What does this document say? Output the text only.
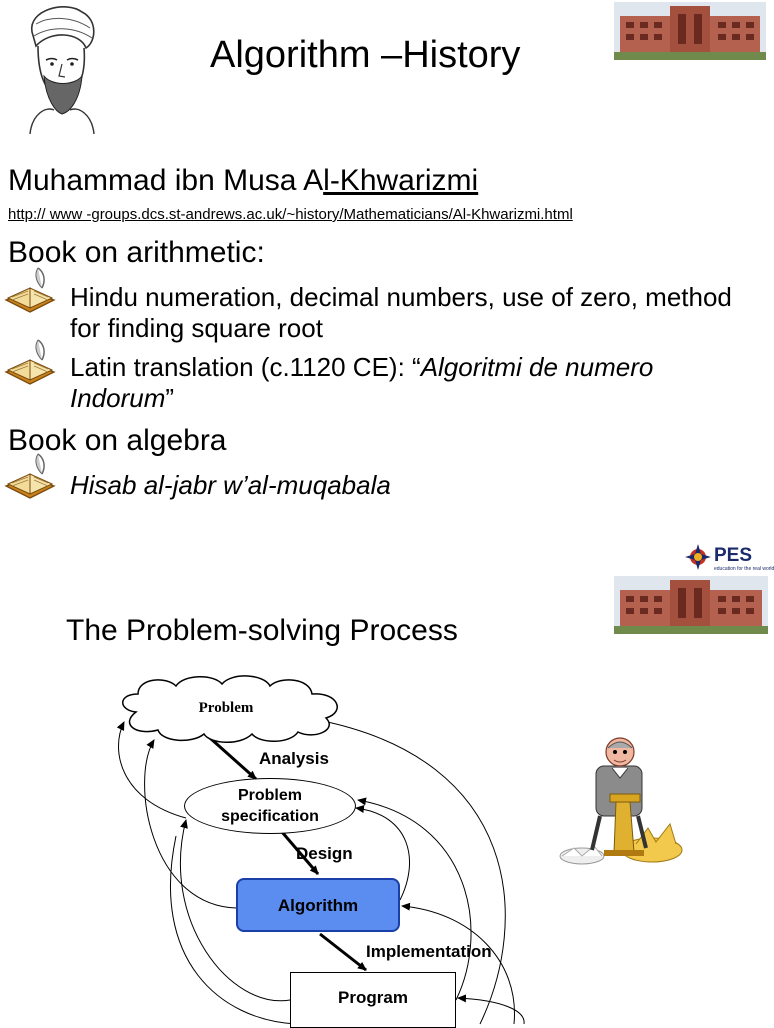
Algorithm –History
Muhammad ibn Musa Al-Khwarizmi
http:// www -groups.dcs.st-andrews.ac.uk/~history/Mathematicians/Al-Khwarizmi.html
Book on arithmetic:
Hindu numeration, decimal numbers, use of zero, method for finding square root
Latin translation (c.1120 CE): “Algoritmi de numero Indorum”
Book on algebra
Hisab al-jabr w’al-muqabala
PES
education for the real world
The Problem-solving Process
Problem
Analysis
Problem
specification
Design
Algorithm
Implementation
Program
